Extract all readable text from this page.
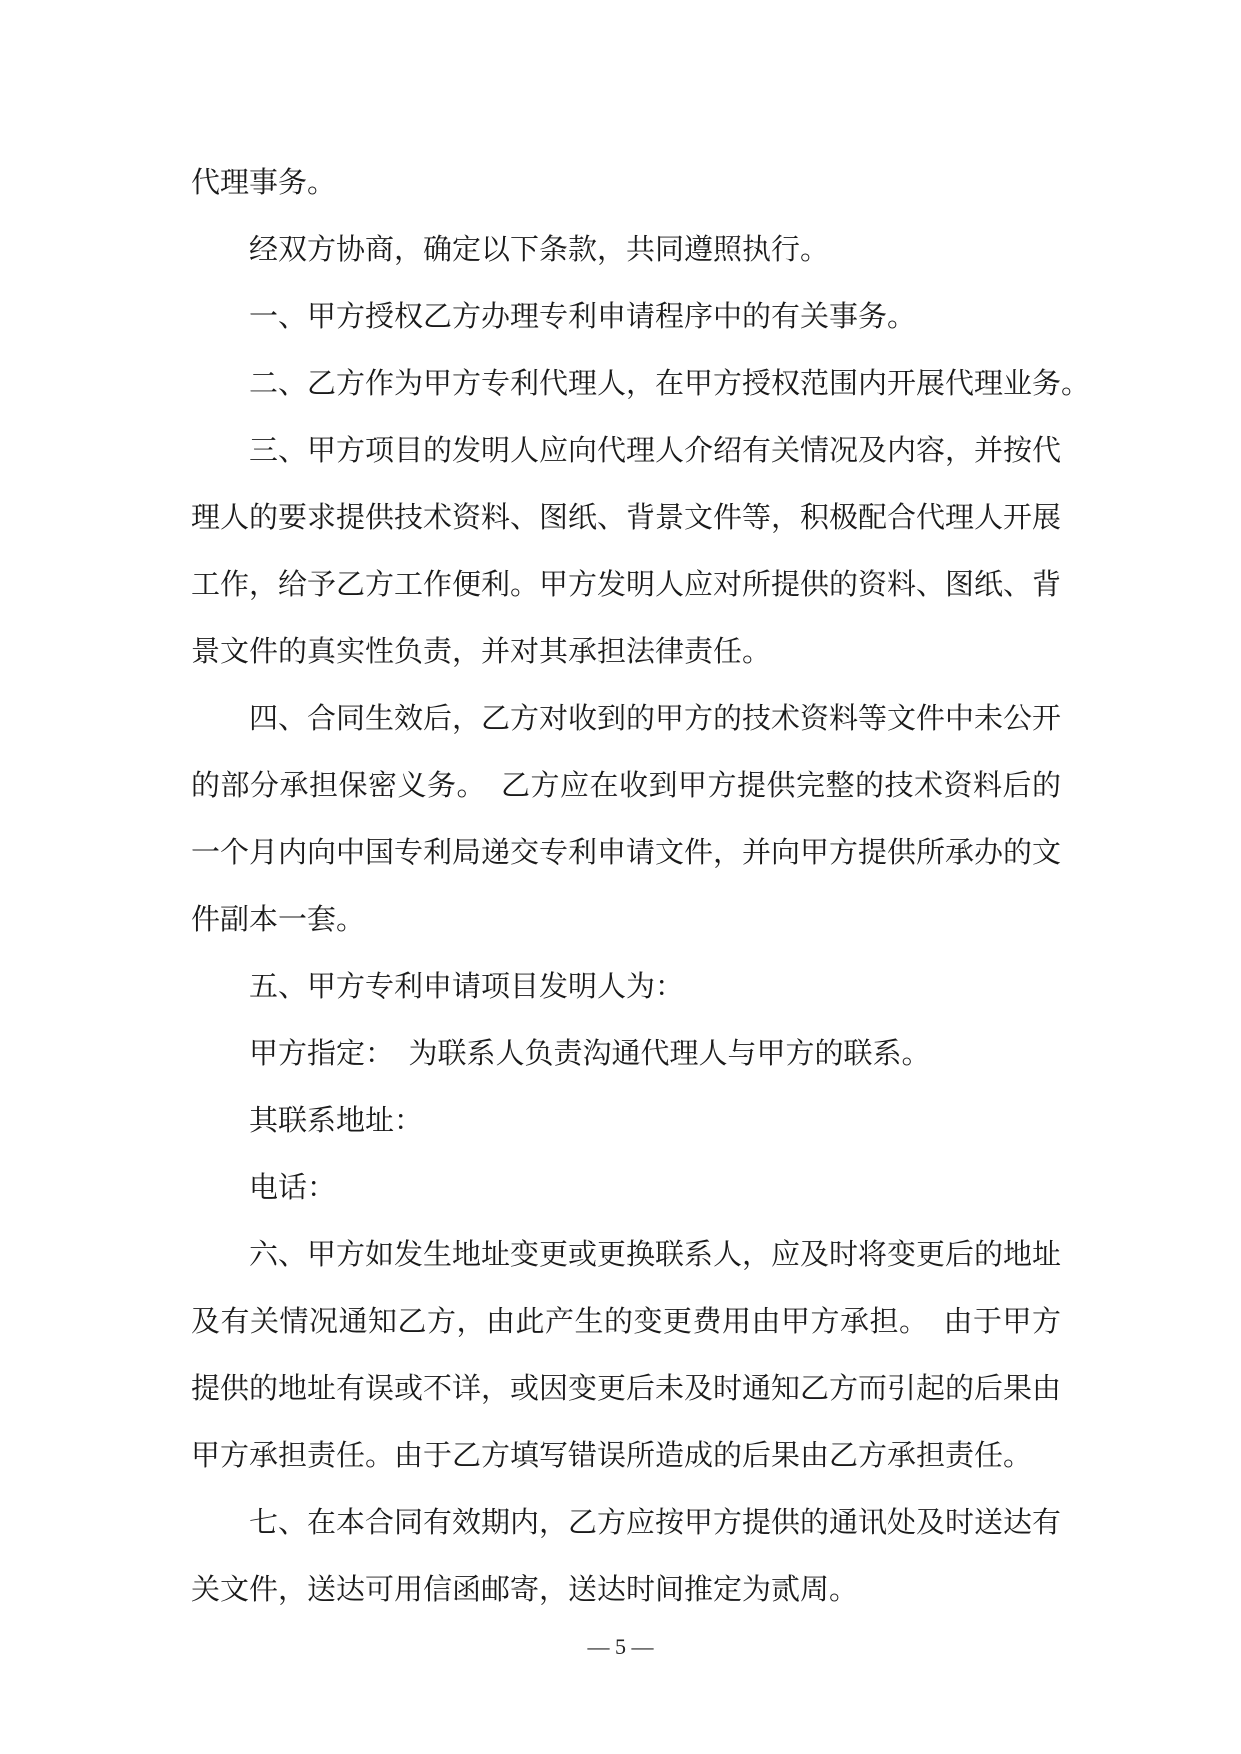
代理事务。
经双方协商，确定以下条款，共同遵照执行。
一、甲方授权乙方办理专利申请程序中的有关事务。
二、乙方作为甲方专利代理人，在甲方授权范围内开展代理业务。
三、甲方项目的发明人应向代理人介绍有关情况及内容，并按代
理人的要求提供技术资料、图纸、背景文件等，积极配合代理人开展
工作，给予乙方工作便利。甲方发明人应对所提供的资料、图纸、背
景文件的真实性负责，并对其承担法律责任。
四、合同生效后，乙方对收到的甲方的技术资料等文件中未公开
的部分承担保密义务。　乙方应在收到甲方提供完整的技术资料后的
一个月内向中国专利局递交专利申请文件，并向甲方提供所承办的文
件副本一套。
五、甲方专利申请项目发明人为：
甲方指定：　为联系人负责沟通代理人与甲方的联系。
其联系地址：
电话：
六、甲方如发生地址变更或更换联系人，应及时将变更后的地址
及有关情况通知乙方，由此产生的变更费用由甲方承担。　由于甲方
提供的地址有误或不详，或因变更后未及时通知乙方而引起的后果由
甲方承担责任。由于乙方填写错误所造成的后果由乙方承担责任。
七、在本合同有效期内，乙方应按甲方提供的通讯处及时送达有
关文件，送达可用信函邮寄，送达时间推定为贰周。
— 5 —
